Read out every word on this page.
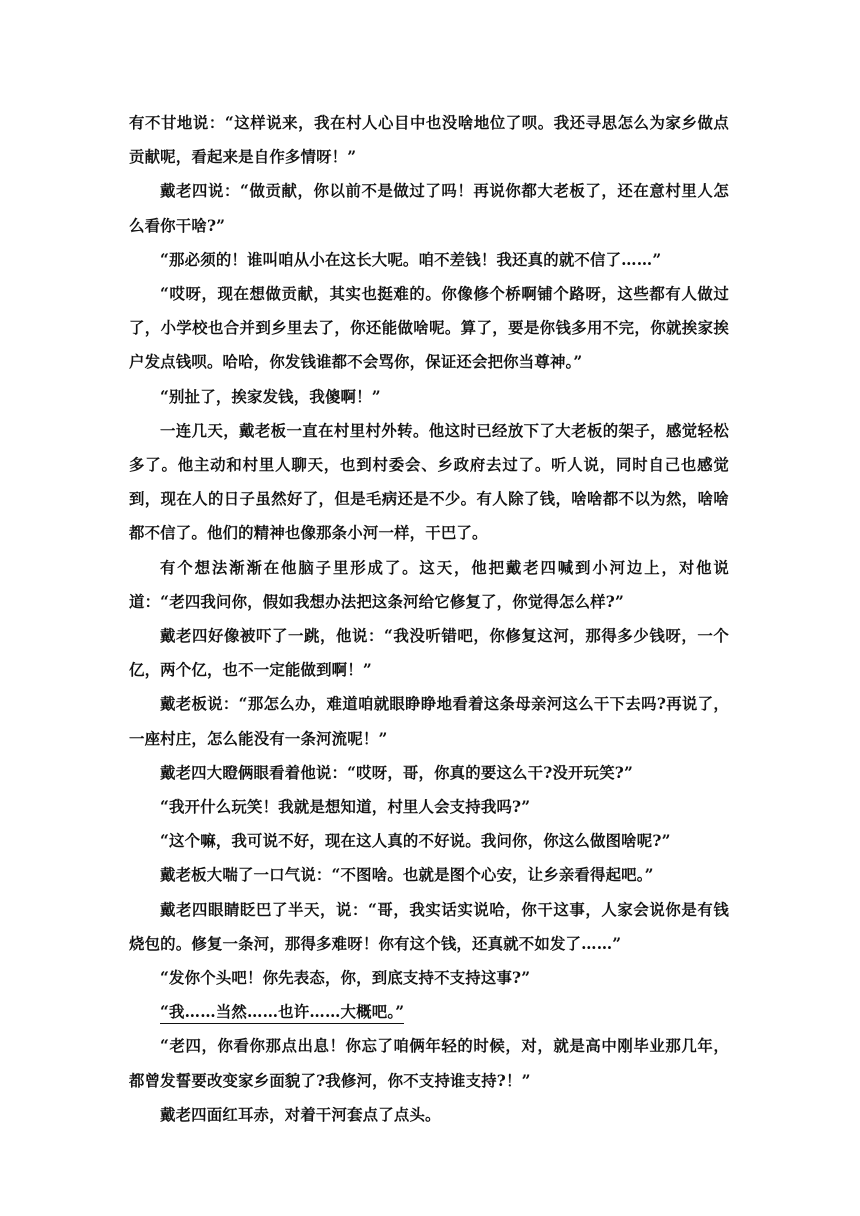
有不甘地说：“这样说来，我在村人心目中也没啥地位了呗。我还寻思怎么为家乡做点贡献呢，看起来是自作多情呀！”

戴老四说：“做贡献，你以前不是做过了吗！再说你都大老板了，还在意村里人怎么看你干啥?”

“那必须的！谁叫咱从小在这长大呢。咱不差钱！我还真的就不信了……”

“哎呀，现在想做贡献，其实也挺难的。你像修个桥啊铺个路呀，这些都有人做过了，小学校也合并到乡里去了，你还能做啥呢。算了，要是你钱多用不完，你就挨家挨户发点钱呗。哈哈，你发钱谁都不会骂你，保证还会把你当尊神。”

“别扯了，挨家发钱，我傻啊！”

一连几天，戴老板一直在村里村外转。他这时已经放下了大老板的架子，感觉轻松多了。他主动和村里人聊天，也到村委会、乡政府去过了。听人说，同时自己也感觉到，现在人的日子虽然好了，但是毛病还是不少。有人除了钱，啥啥都不以为然，啥啥都不信了。他们的精神也像那条小河一样，干巴了。

有个想法渐渐在他脑子里形成了。这天，他把戴老四喊到小河边上，对他说道：“老四我问你，假如我想办法把这条河给它修复了，你觉得怎么样?”

戴老四好像被吓了一跳，他说：“我没听错吧，你修复这河，那得多少钱呀，一个亿，两个亿，也不一定能做到啊！”

戴老板说：“那怎么办，难道咱就眼睁睁地看着这条母亲河这么干下去吗?再说了，一座村庄，怎么能没有一条河流呢！”

戴老四大瞪俩眼看着他说：“哎呀，哥，你真的要这么干?没开玩笑?”

“我开什么玩笑！我就是想知道，村里人会支持我吗?”

“这个嘛，我可说不好，现在这人真的不好说。我问你，你这么做图啥呢?”

戴老板大喘了一口气说：“不图啥。也就是图个心安，让乡亲看得起吧。”

戴老四眼睛眨巴了半天，说：“哥，我实话实说哈，你干这事，人家会说你是有钱烧包的。修复一条河，那得多难呀！你有这个钱，还真就不如发了……”

“发你个头吧！你先表态，你，到底支持不支持这事?”

“我……当然……也许……大概吧。”

“老四，你看你那点出息！你忘了咱俩年轻的时候，对，就是高中刚毕业那几年，都曾发誓要改变家乡面貌了?我修河，你不支持谁支持?！”

戴老四面红耳赤，对着干河套点了点头。
